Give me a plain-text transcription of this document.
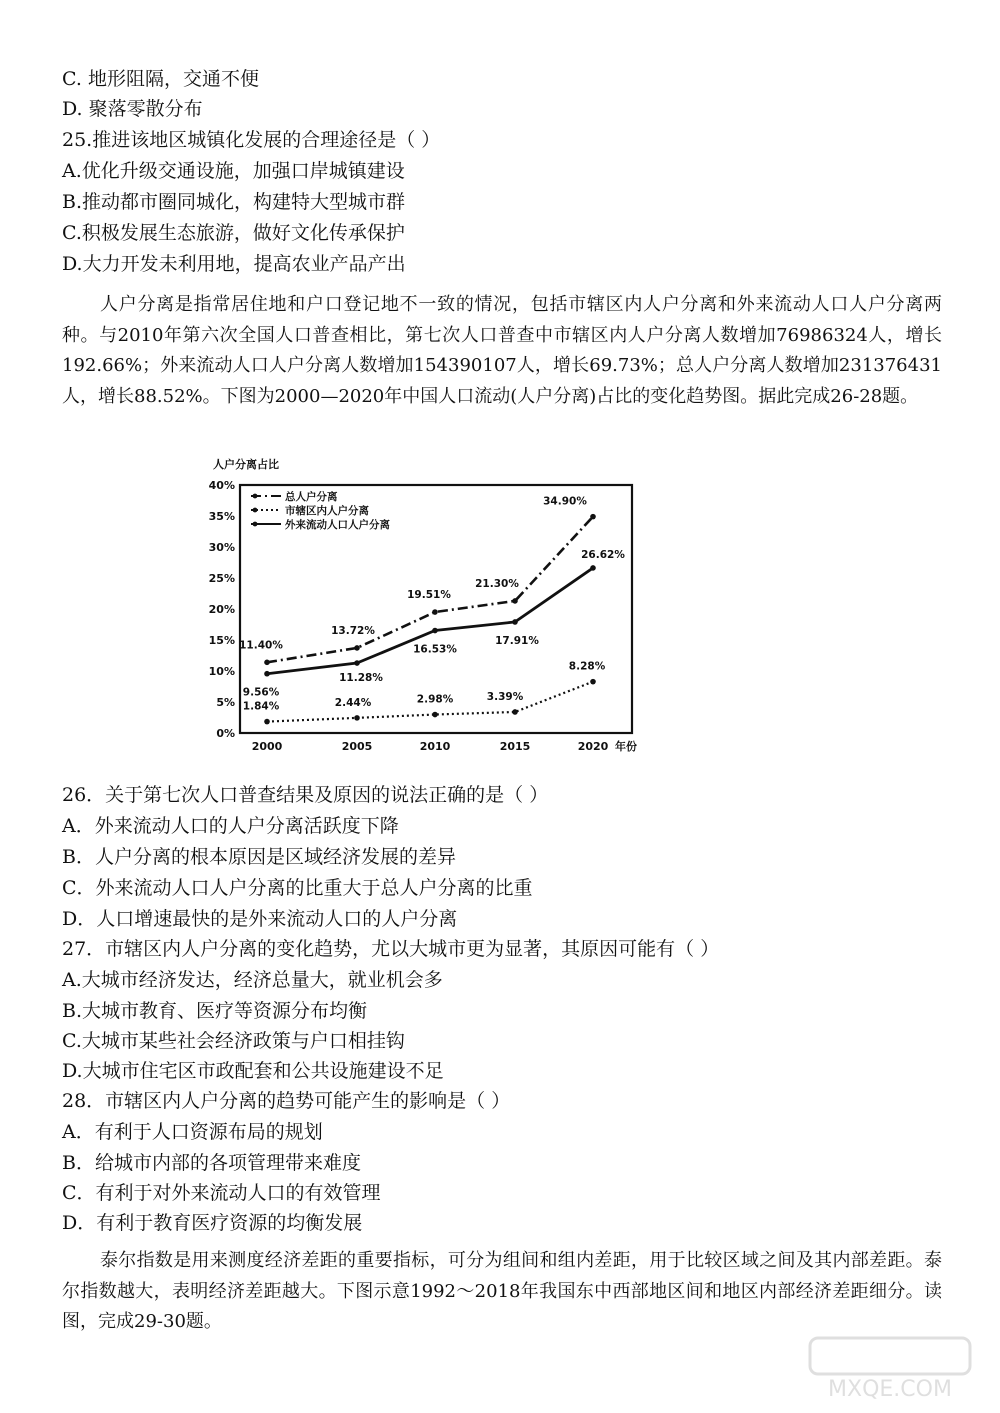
C. 地形阻隔，交通不便
D. 聚落零散分布
25.推进该地区城镇化发展的合理途径是（ ）
A.优化升级交通设施，加强口岸城镇建设
B.推动都市圈同城化，构建特大型城市群
C.积极发展生态旅游，做好文化传承保护
D.大力开发未利用地，提高农业产品产出
人户分离是指常居住地和户口登记地不一致的情况，包括市辖区内人户分离和外来流动人口人户分离两种。与2010年第六次全国人口普查相比，第七次人口普查中市辖区内人户分离人数增加76986324人，增长192.66%；外来流动人口人户分离人数增加154390107人，增长69.73%；总人户分离人数增加231376431人，增长88.52%。下图为2000—2020年中国人口流动(人户分离)占比的变化趋势图。据此完成26-28题。
人户分离占比
0%
5%
10%
15%
20%
25%
30%
35%
40%
2000	2005	2010	2015	2020 年份
11.40%
13.72%
19.51%
21.30%
34.90%
1.84%	2.44%	2.98%	3.39%
8.28%
9.56%
11.28%
16.53%
17.91%
26.62%
总人户分离
市辖区内人户分离
外来流动人口人户分离
26．关于第七次人口普查结果及原因的说法正确的是（ ）
A．外来流动人口的人户分离活跃度下降
B．人户分离的根本原因是区域经济发展的差异
C．外来流动人口人户分离的比重大于总人户分离的比重
D．人口增速最快的是外来流动人口的人户分离
27．市辖区内人户分离的变化趋势，尤以大城市更为显著，其原因可能有（ ）
A.大城市经济发达，经济总量大，就业机会多
B.大城市教育、医疗等资源分布均衡
C.大城市某些社会经济政策与户口相挂钩
D.大城市住宅区市政配套和公共设施建设不足
28．市辖区内人户分离的趋势可能产生的影响是（ ）
A．有利于人口资源布局的规划
B．给城市内部的各项管理带来难度
C．有利于对外来流动人口的有效管理
D．有利于教育医疗资源的均衡发展
泰尔指数是用来测度经济差距的重要指标，可分为组间和组内差距，用于比较区域之间及其内部差距。泰尔指数越大，表明经济差距越大。下图示意1992～2018年我国东中西部地区间和地区内部经济差距细分。读图，完成29-30题。
MXQE.COM
